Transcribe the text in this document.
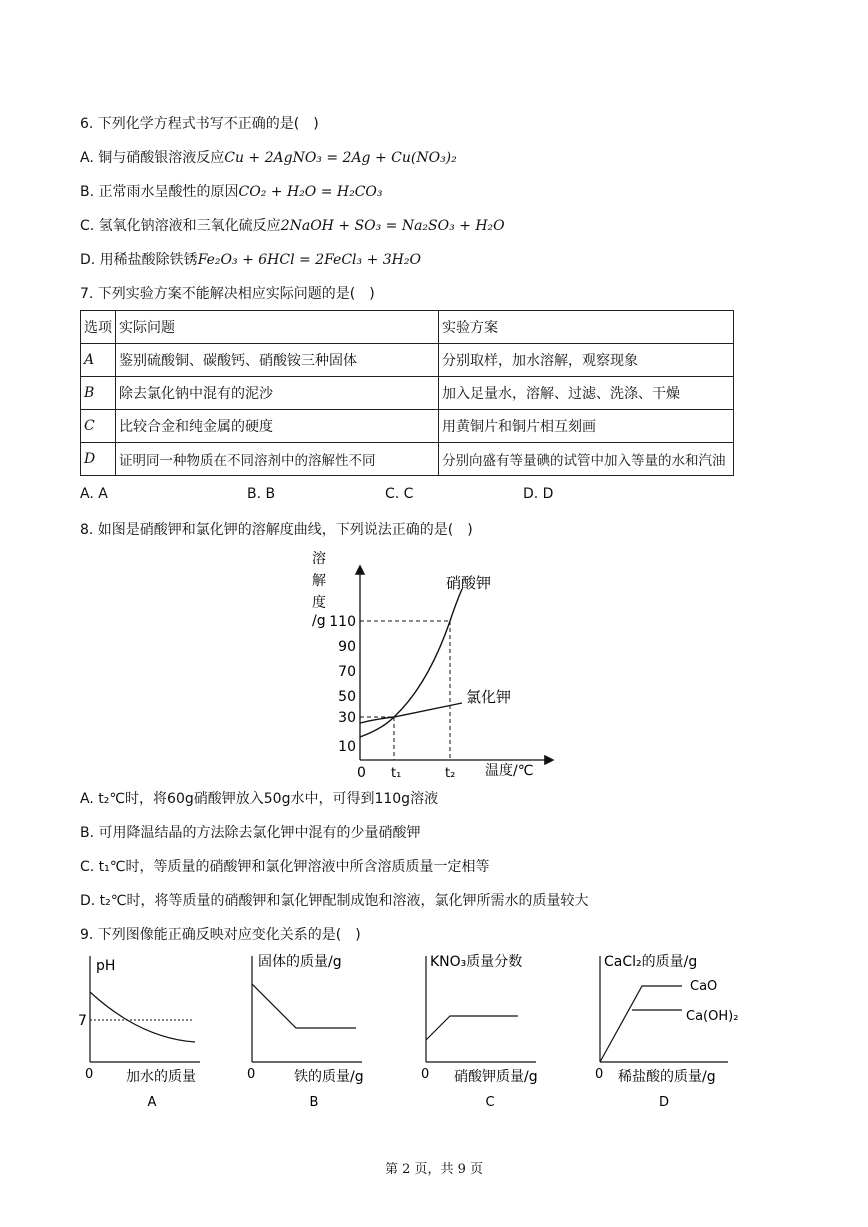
6. 下列化学方程式书写不正确的是( )
A. 铜与硝酸银溶液反应Cu + 2AgNO₃ = 2Ag + Cu(NO₃)₂
B. 正常雨水呈酸性的原因CO₂ + H₂O = H₂CO₃
C. 氢氧化钠溶液和三氧化硫反应2NaOH + SO₃ = Na₂SO₃ + H₂O
D. 用稀盐酸除铁锈Fe₂O₃ + 6HCl = 2FeCl₃ + 3H₂O
7. 下列实验方案不能解决相应实际问题的是( )
选项	实际问题	实验方案
A	鉴别硫酸铜、碳酸钙、硝酸铵三种固体	分别取样，加水溶解，观察现象
B	除去氯化钠中混有的泥沙	加入足量水，溶解、过滤、洗涤、干燥
C	比较合金和纯金属的硬度	用黄铜片和铜片相互刻画
D	证明同一种物质在不同溶剂中的溶解性不同	分别向盛有等量碘的试管中加入等量的水和汽油
A. A	B. B	C. C	D. D
8. 如图是硝酸钾和氯化钾的溶解度曲线，下列说法正确的是( )
溶
解
度
/g 110
90
70
50
30
10
0 t₁	t₂ 温度/℃
硝酸钾
氯化钾
A. t₂℃时，将60g硝酸钾放入50g水中，可得到110g溶液
B. 可用降温结晶的方法除去氯化钾中混有的少量硝酸钾
C. t₁℃时，等质量的硝酸钾和氯化钾溶液中所含溶质质量一定相等
D. t₂℃时，将等质量的硝酸钾和氯化钾配制成饱和溶液，氯化钾所需水的质量较大
9. 下列图像能正确反映对应变化关系的是( )
pH
7
0 加水的质量
A
固体的质量/g
0	铁的质量/g
B
KNO₃质量分数
0 硝酸钾质量/g
C
CaCl₂的质量/g
CaO
Ca(OH)₂
0 稀盐酸的质量/g
D
第 2 页，共 9 页
